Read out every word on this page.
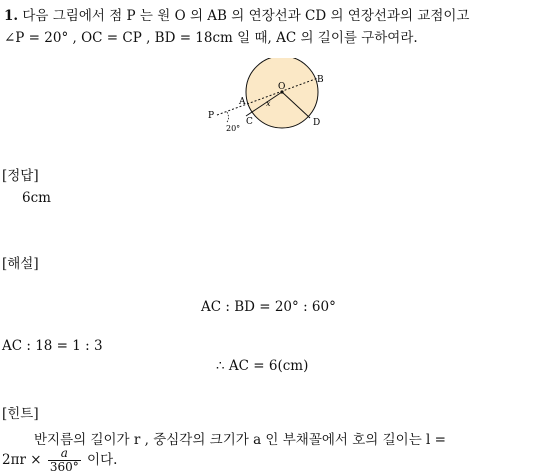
1. 다음 그림에서 점 P 는 원 O 의 AB 의 연장선과 CD 의 연장선과의 교점이고
∠P = 20° , OC = CP , BD = 18cm 일 때, AC 의 길이를 구하여라.
O
B
A
P
C	D
x
20°
[정답]
6cm
[해설]
AC : BD = 20° : 60°
AC : 18 = 1 : 3
∴ AC = 6(cm)
[힌트]
반지름의 길이가 r , 중심각의 크기가 a 인 부채꼴에서 호의 길이는 l =
$2\pi r \times \frac{a}{360^\circ}$ 이다.
